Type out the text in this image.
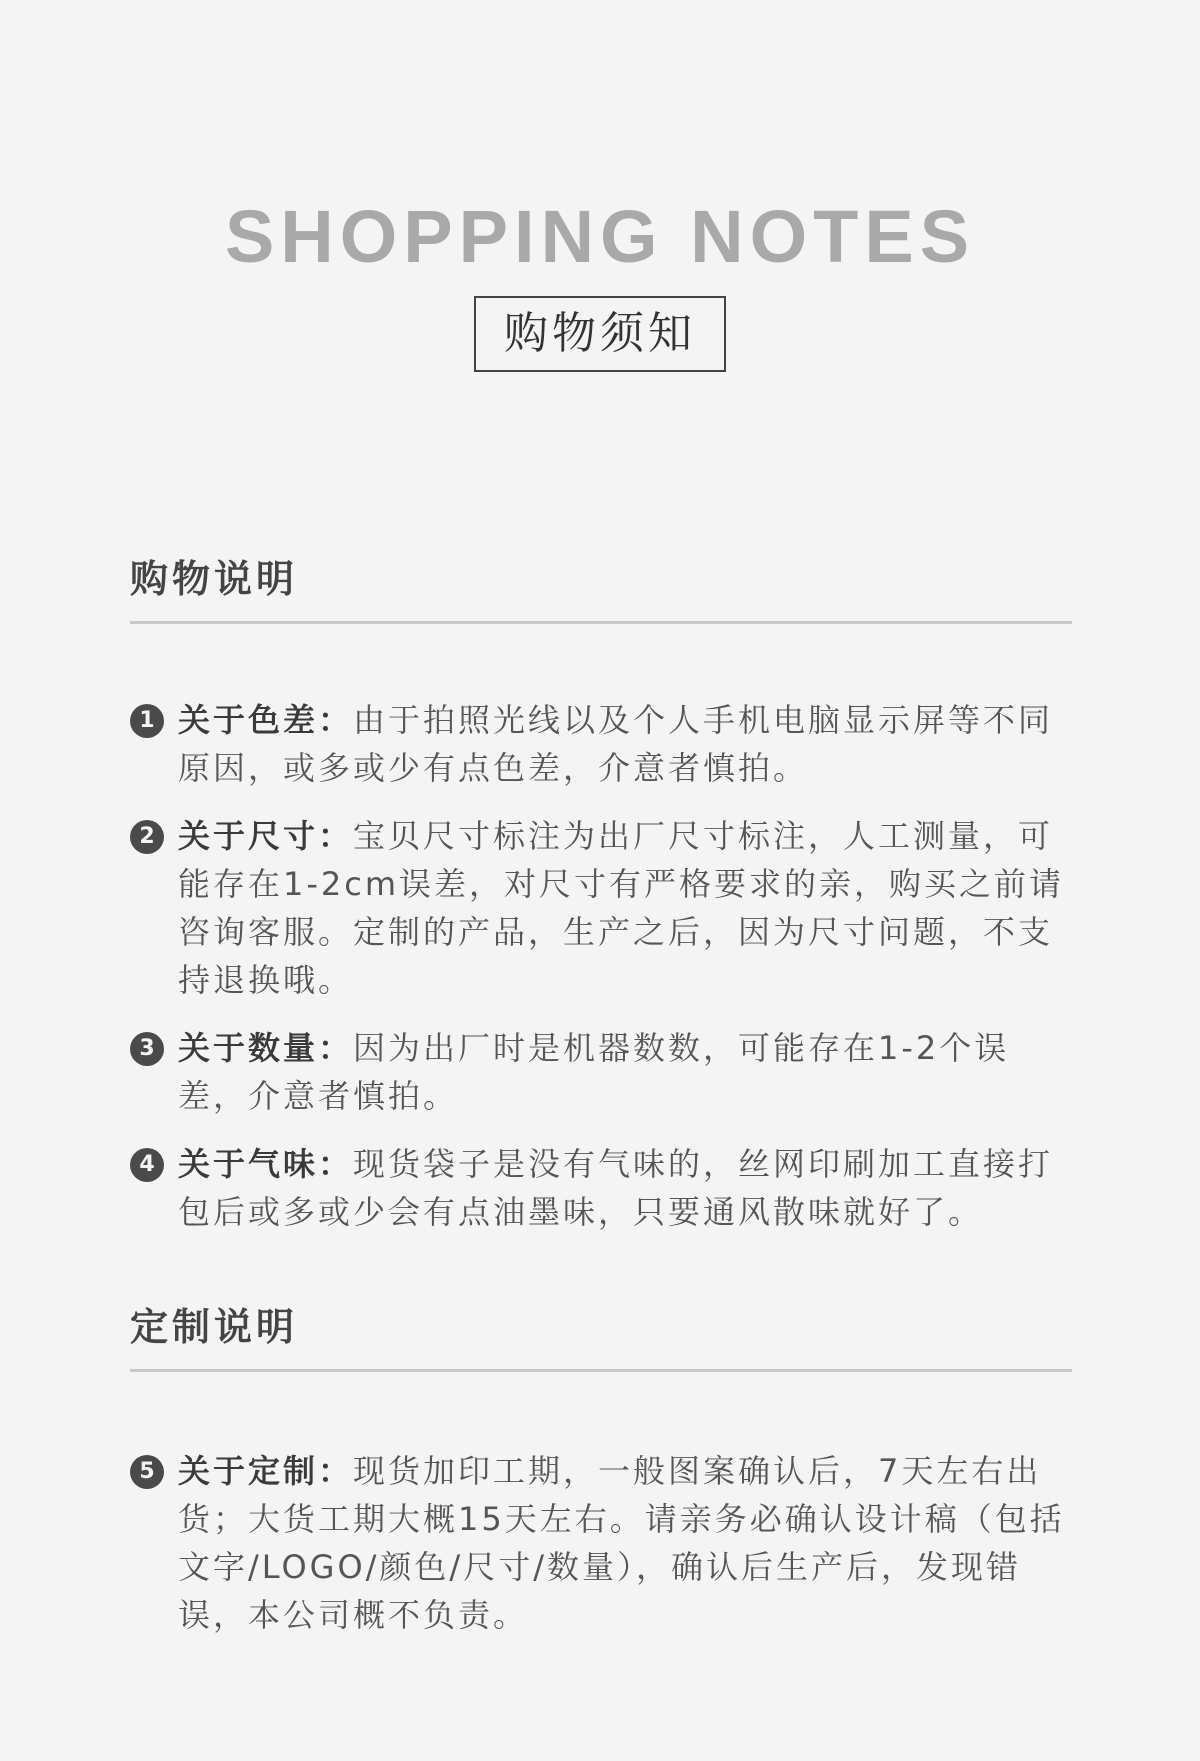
SHOPPING NOTES
购物须知
购物说明
1 关于色差：由于拍照光线以及个人手机电脑显示屏等不同原因，或多或少有点色差，介意者慎拍。
2 关于尺寸：宝贝尺寸标注为出厂尺寸标注，人工测量，可能存在1-2cm误差，对尺寸有严格要求的亲，购买之前请咨询客服。定制的产品，生产之后，因为尺寸问题，不支持退换哦。
3 关于数量：因为出厂时是机器数数，可能存在1-2个误差，介意者慎拍。
4 关于气味：现货袋子是没有气味的，丝网印刷加工直接打包后或多或少会有点油墨味，只要通风散味就好了。
定制说明
5 关于定制：现货加印工期，一般图案确认后，7天左右出货；大货工期大概15天左右。请亲务必确认设计稿（包括文字/LOGO/颜色/尺寸/数量），确认后生产后，发现错误，本公司概不负责。
